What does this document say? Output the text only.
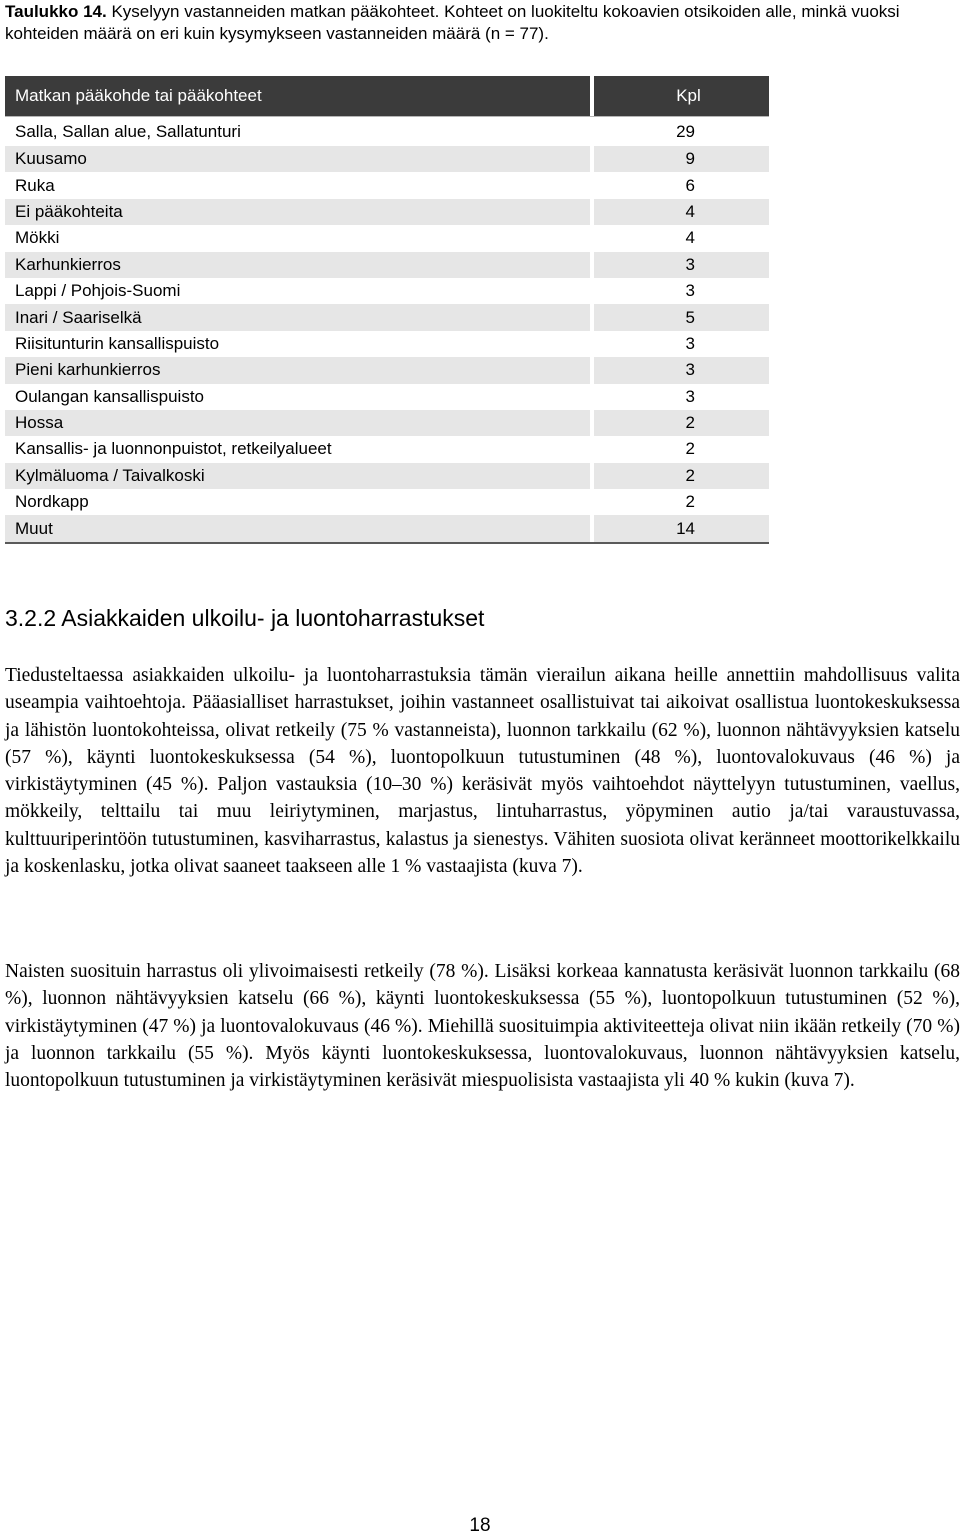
Taulukko 14. Kyselyyn vastanneiden matkan pääkohteet. Kohteet on luokiteltu kokoavien otsikoiden alle, minkä vuoksi kohteiden määrä on eri kuin kysymykseen vastanneiden määrä (n = 77).
Matkan pääkohde tai pääkohteet	Kpl
Salla, Sallan alue, Sallatunturi	29
Kuusamo	9
Ruka	6
Ei pääkohteita	4
Mökki	4
Karhunkierros	3
Lappi / Pohjois-Suomi	3
Inari / Saariselkä	5
Riisitunturin kansallispuisto	3
Pieni karhunkierros	3
Oulangan kansallispuisto	3
Hossa	2
Kansallis- ja luonnonpuistot, retkeilyalueet	2
Kylmäluoma / Taivalkoski	2
Nordkapp	2
Muut	14
3.2.2 Asiakkaiden ulkoilu- ja luontoharrastukset
Tiedusteltaessa asiakkaiden ulkoilu- ja luontoharrastuksia tämän vierailun aikana heille annettiin mahdollisuus valita useampia vaihtoehtoja. Pääasialliset harrastukset, joihin vastanneet osallistuivat tai aikoivat osallistua luontokeskuksessa ja lähistön luontokohteissa, olivat retkeily (75 % vastanneista), luonnon tarkkailu (62 %), luonnon nähtävyyksien katselu (57 %), käynti luontokeskuksessa (54 %), luontopolkuun tutustuminen (48 %), luontovalokuvaus (46 %) ja virkistäytyminen (45 %). Paljon vastauksia (10–30 %) keräsivät myös vaihtoehdot näyttelyyn tutustuminen, vaellus, mökkeily, telttailu tai muu leiriytyminen, marjastus, lintuharrastus, yöpyminen autio ja/tai varaustuvassa, kulttuuriperintöön tutustuminen, kasviharrastus, kalastus ja sienestys. Vähiten suosiota olivat keränneet moottorikelkkailu ja koskenlasku, jotka olivat saaneet taakseen alle 1 % vastaajista (kuva 7).
Naisten suosituin harrastus oli ylivoimaisesti retkeily (78 %). Lisäksi korkeaa kannatusta keräsivät luonnon tarkkailu (68 %), luonnon nähtävyyksien katselu (66 %), käynti luontokeskuksessa (55 %), luontopolkuun tutustuminen (52 %), virkistäytyminen (47 %) ja luontovalokuvaus (46 %). Miehillä suosituimpia aktiviteetteja olivat niin ikään retkeily (70 %) ja luonnon tarkkailu (55 %). Myös käynti luontokeskuksessa, luontovalokuvaus, luonnon nähtävyyksien katselu, luontopolkuun tutustuminen ja virkistäytyminen keräsivät miespuolisista vastaajista yli 40 % kukin (kuva 7).
18
